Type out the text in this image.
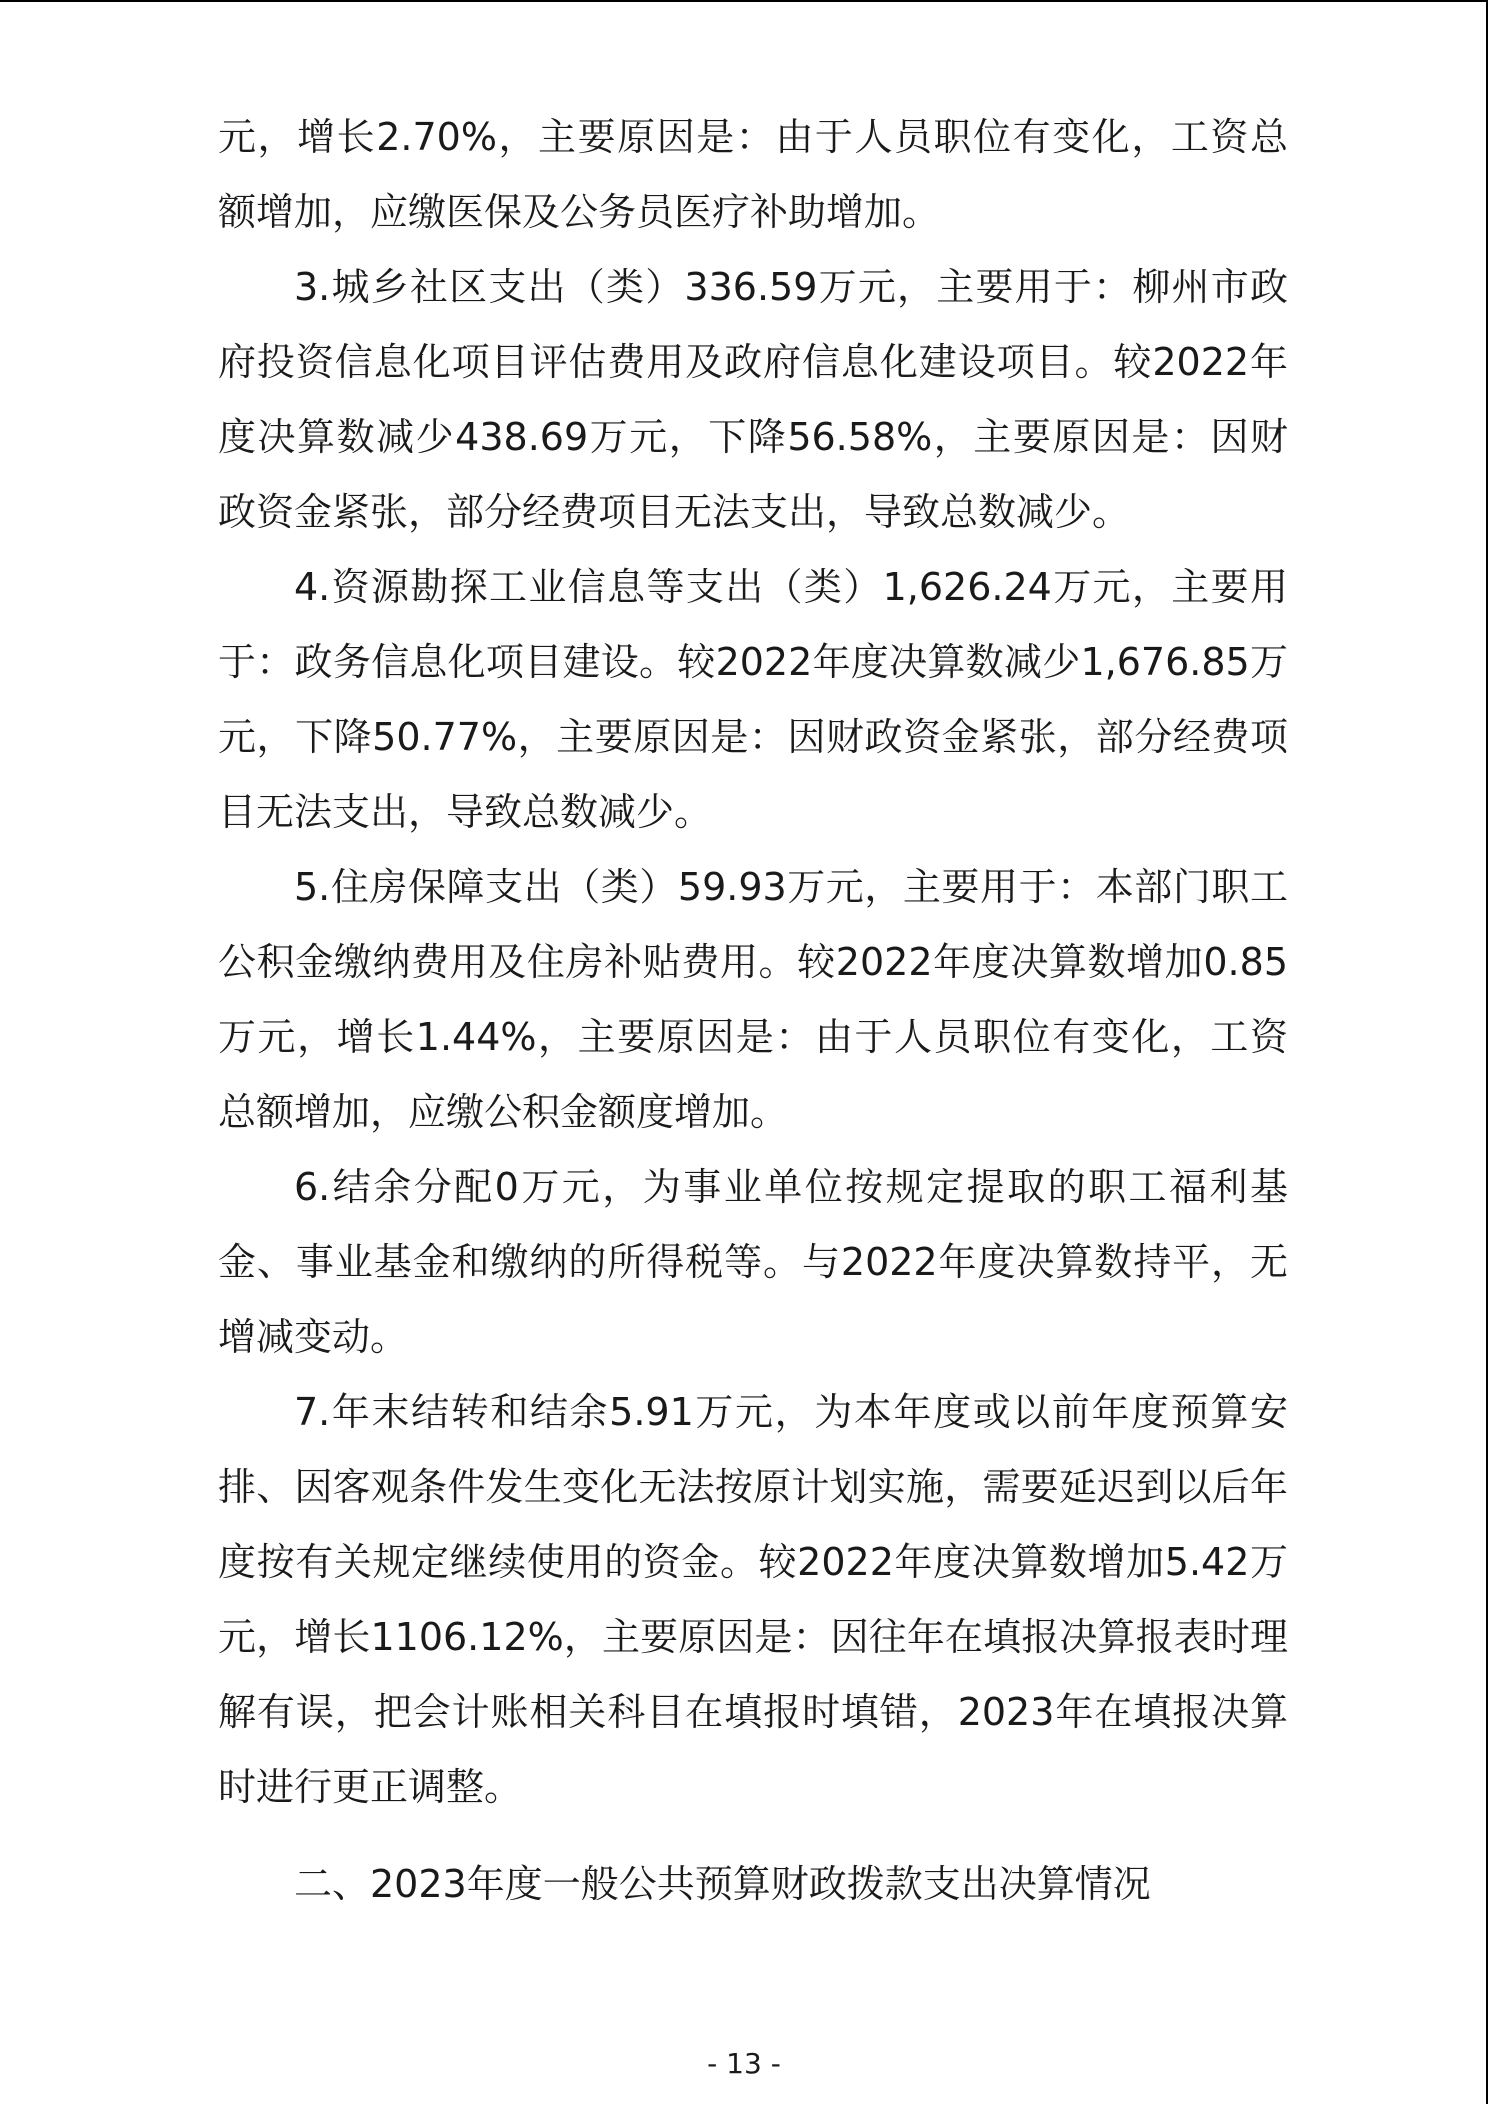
元，增长2.70%，主要原因是：由于人员职位有变化，工资总额增加，应缴医保及公务员医疗补助增加。

3.城乡社区支出（类）336.59万元，主要用于：柳州市政府投资信息化项目评估费用及政府信息化建设项目。较2022年度决算数减少438.69万元，下降56.58%，主要原因是：因财政资金紧张，部分经费项目无法支出，导致总数减少。

4.资源勘探工业信息等支出（类）1,626.24万元，主要用于：政务信息化项目建设。较2022年度决算数减少1,676.85万元，下降50.77%，主要原因是：因财政资金紧张，部分经费项目无法支出，导致总数减少。

5.住房保障支出（类）59.93万元，主要用于：本部门职工公积金缴纳费用及住房补贴费用。较2022年度决算数增加0.85万元，增长1.44%，主要原因是：由于人员职位有变化，工资总额增加，应缴公积金额度增加。

6.结余分配0万元，为事业单位按规定提取的职工福利基金、事业基金和缴纳的所得税等。与2022年度决算数持平，无增减变动。

7.年末结转和结余5.91万元，为本年度或以前年度预算安排、因客观条件发生变化无法按原计划实施，需要延迟到以后年度按有关规定继续使用的资金。较2022年度决算数增加5.42万元，增长1106.12%，主要原因是：因往年在填报决算报表时理解有误，把会计账相关科目在填报时填错，2023年在填报决算时进行更正调整。

二、2023年度一般公共预算财政拨款支出决算情况

- 13 -
